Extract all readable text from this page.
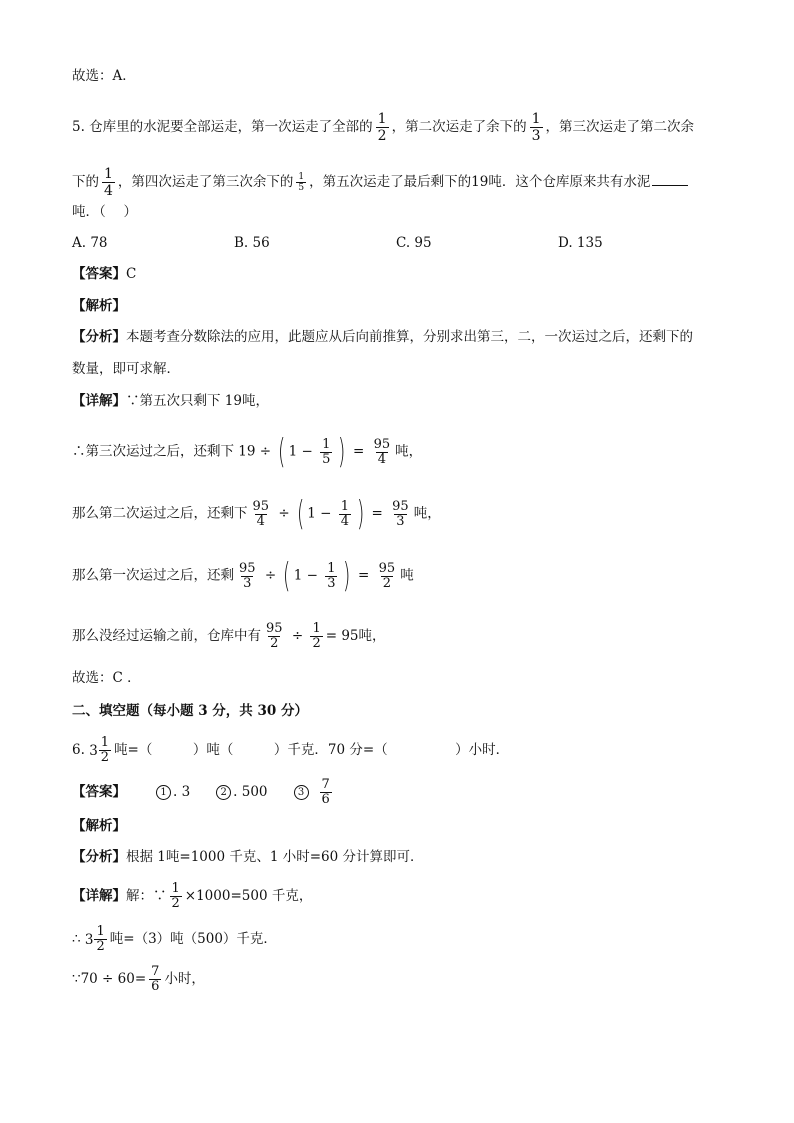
故选：A．
5. 仓库里的水泥要全部运走，第一次运走了全部的 $\frac{1}{2}$ ，第二次运走了余下的 $\frac{1}{3}$ ，第三次运走了第二次余
下的 $\frac{1}{4}$ ，第四次运走了第三次余下的 $\frac{1}{5}$ ，第五次运走了最后剩下的19吨．这个仓库原来共有水泥
吨．（　 ）
A. 78	B. 56	C. 95	D. 135
【答案】C
【解析】
【分析】本题考查分数除法的应用，此题应从后向前推算，分别求出第三，二，一次运过之后，还剩下的
数量，即可求解．
【详解】∵第五次只剩下 19吨，
∴第三次运过之后，还剩下 19 ÷ ( $1 - \frac{1}{5}$ ) = $\frac{95}{4}$ 吨，
那么第二次运过之后，还剩下 $\frac{95}{4}$ ÷ ( $1 - \frac{1}{4}$ ) = $\frac{95}{3}$ 吨，
那么第一次运过之后，还剩 $\frac{95}{3}$ ÷ ( $1 - \frac{1}{3}$ ) = $\frac{95}{2}$ 吨
那么没经过运输之前，仓库中有 $\frac{95}{2} \div \frac{1}{2} = 95$吨，
故选：C ．
二、填空题（每小题 3 分，共 30 分）
6. $3 \frac{1}{2}$ 吨=（　　　）吨（　　　）千克．70 分=（　　　　　）小时．
【答案】	1 . 3	2 . 500	$3 \frac{7}{6}$
【解析】
【分析】根据 1吨=1000 千克、1 小时=60 分计算即可．
【详解】解：∵ $\frac{1}{2} \times 1000=500$ 千克，
∴ $3 \frac{1}{2}$ 吨=（3）吨（500）千克．
∵70 ÷ $60= \frac{7}{6}$ 小时，
